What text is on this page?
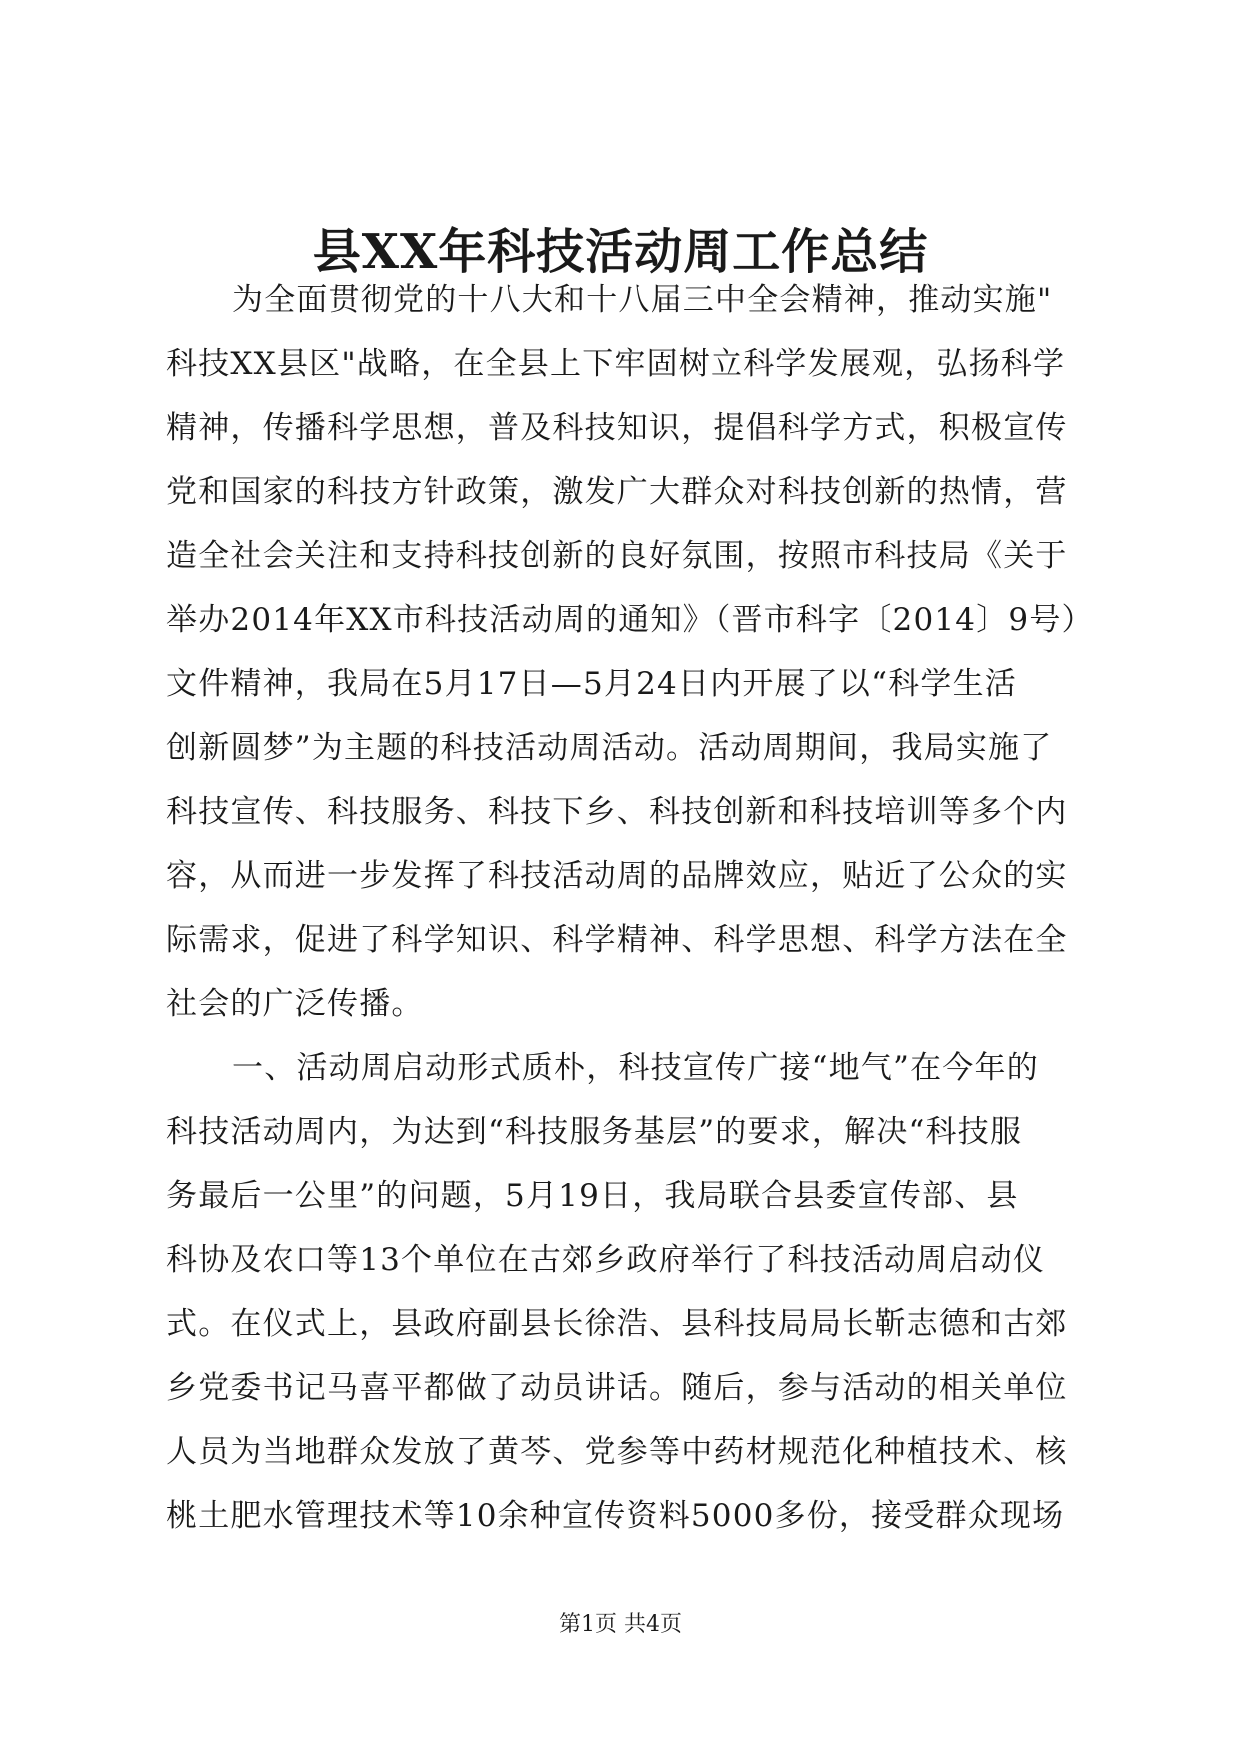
县XX年科技活动周工作总结
为全面贯彻党的十八大和十八届三中全会精神，推动实施"
科技XX县区"战略，在全县上下牢固树立科学发展观，弘扬科学
精神，传播科学思想，普及科技知识，提倡科学方式，积极宣传
党和国家的科技方针政策，激发广大群众对科技创新的热情，营
造全社会关注和支持科技创新的良好氛围，按照市科技局《关于
举办2014年XX市科技活动周的通知》（晋市科字〔2014〕9号）
文件精神，我局在5月17日—5月24日内开展了以“科学生活
创新圆梦”为主题的科技活动周活动。活动周期间，我局实施了
科技宣传、科技服务、科技下乡、科技创新和科技培训等多个内
容，从而进一步发挥了科技活动周的品牌效应，贴近了公众的实
际需求，促进了科学知识、科学精神、科学思想、科学方法在全
社会的广泛传播。
一、活动周启动形式质朴，科技宣传广接“地气”在今年的
科技活动周内，为达到“科技服务基层”的要求，解决“科技服
务最后一公里”的问题，5月19日，我局联合县委宣传部、县
科协及农口等13个单位在古郊乡政府举行了科技活动周启动仪
式。在仪式上，县政府副县长徐浩、县科技局局长靳志德和古郊
乡党委书记马喜平都做了动员讲话。随后，参与活动的相关单位
人员为当地群众发放了黄芩、党参等中药材规范化种植技术、核
桃土肥水管理技术等10余种宣传资料5000多份，接受群众现场
第1页 共4页
